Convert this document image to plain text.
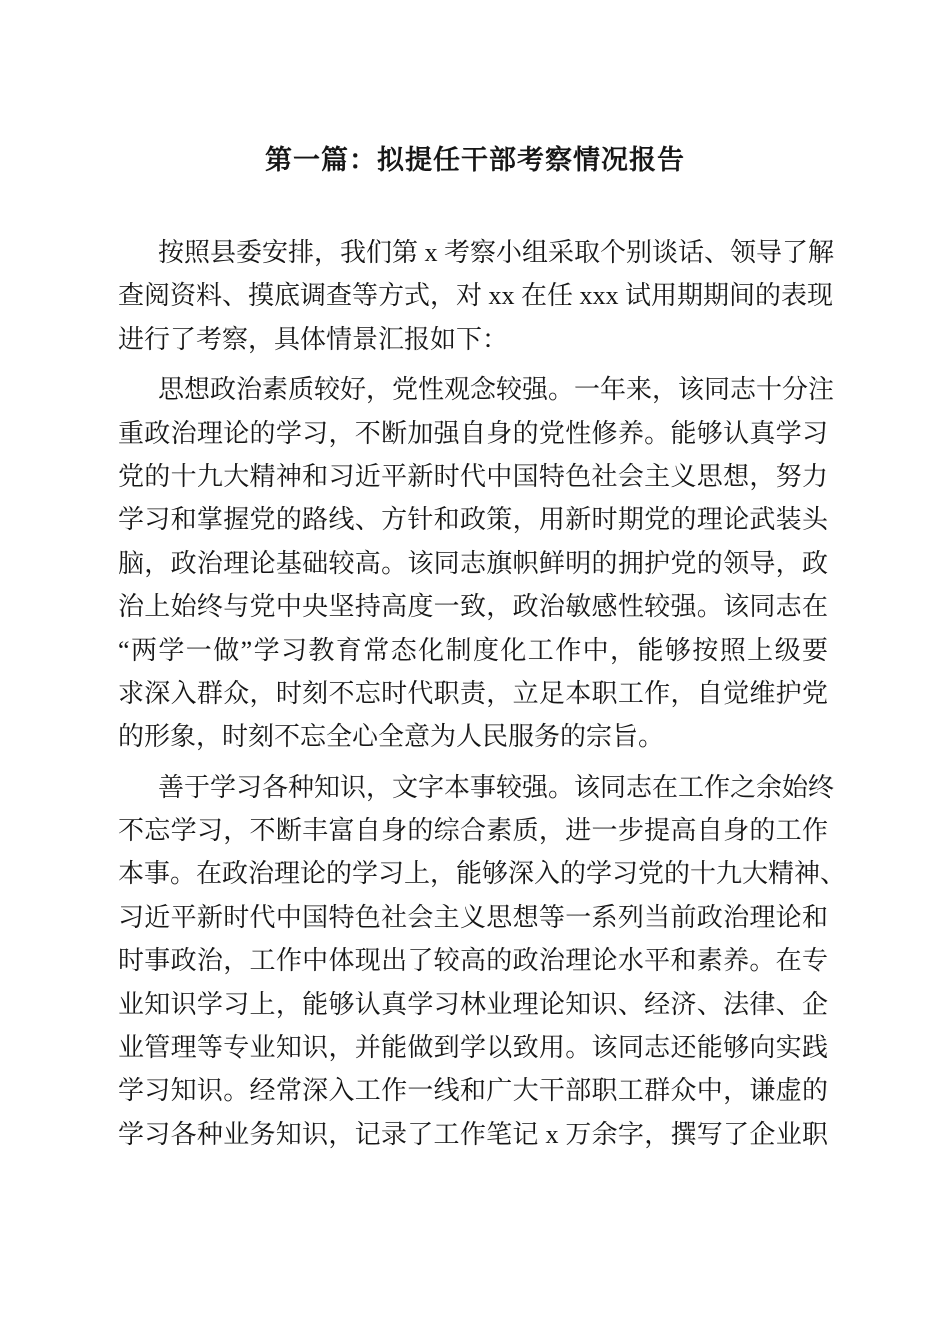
第一篇：拟提任干部考察情况报告
按照县委安排，我们第 x 考察小组采取个别谈话、领导了解
查阅资料、摸底调查等方式，对 xx 在任 xxx 试用期期间的表现
进行了考察，具体情景汇报如下：
思想政治素质较好，党性观念较强。一年来，该同志十分注
重政治理论的学习，不断加强自身的党性修养。能够认真学习
党的十九大精神和习近平新时代中国特色社会主义思想，努力
学习和掌握党的路线、方针和政策，用新时期党的理论武装头
脑，政治理论基础较高。该同志旗帜鲜明的拥护党的领导，政
治上始终与党中央坚持高度一致，政治敏感性较强。该同志在
“两学一做”学习教育常态化制度化工作中，能够按照上级要
求深入群众，时刻不忘时代职责，立足本职工作，自觉维护党
的形象，时刻不忘全心全意为人民服务的宗旨。
善于学习各种知识，文字本事较强。该同志在工作之余始终
不忘学习，不断丰富自身的综合素质，进一步提高自身的工作
本事。在政治理论的学习上，能够深入的学习党的十九大精神、
习近平新时代中国特色社会主义思想等一系列当前政治理论和
时事政治，工作中体现出了较高的政治理论水平和素养。在专
业知识学习上，能够认真学习林业理论知识、经济、法律、企
业管理等专业知识，并能做到学以致用。该同志还能够向实践
学习知识。经常深入工作一线和广大干部职工群众中，谦虚的
学习各种业务知识，记录了工作笔记 x 万余字，撰写了企业职
